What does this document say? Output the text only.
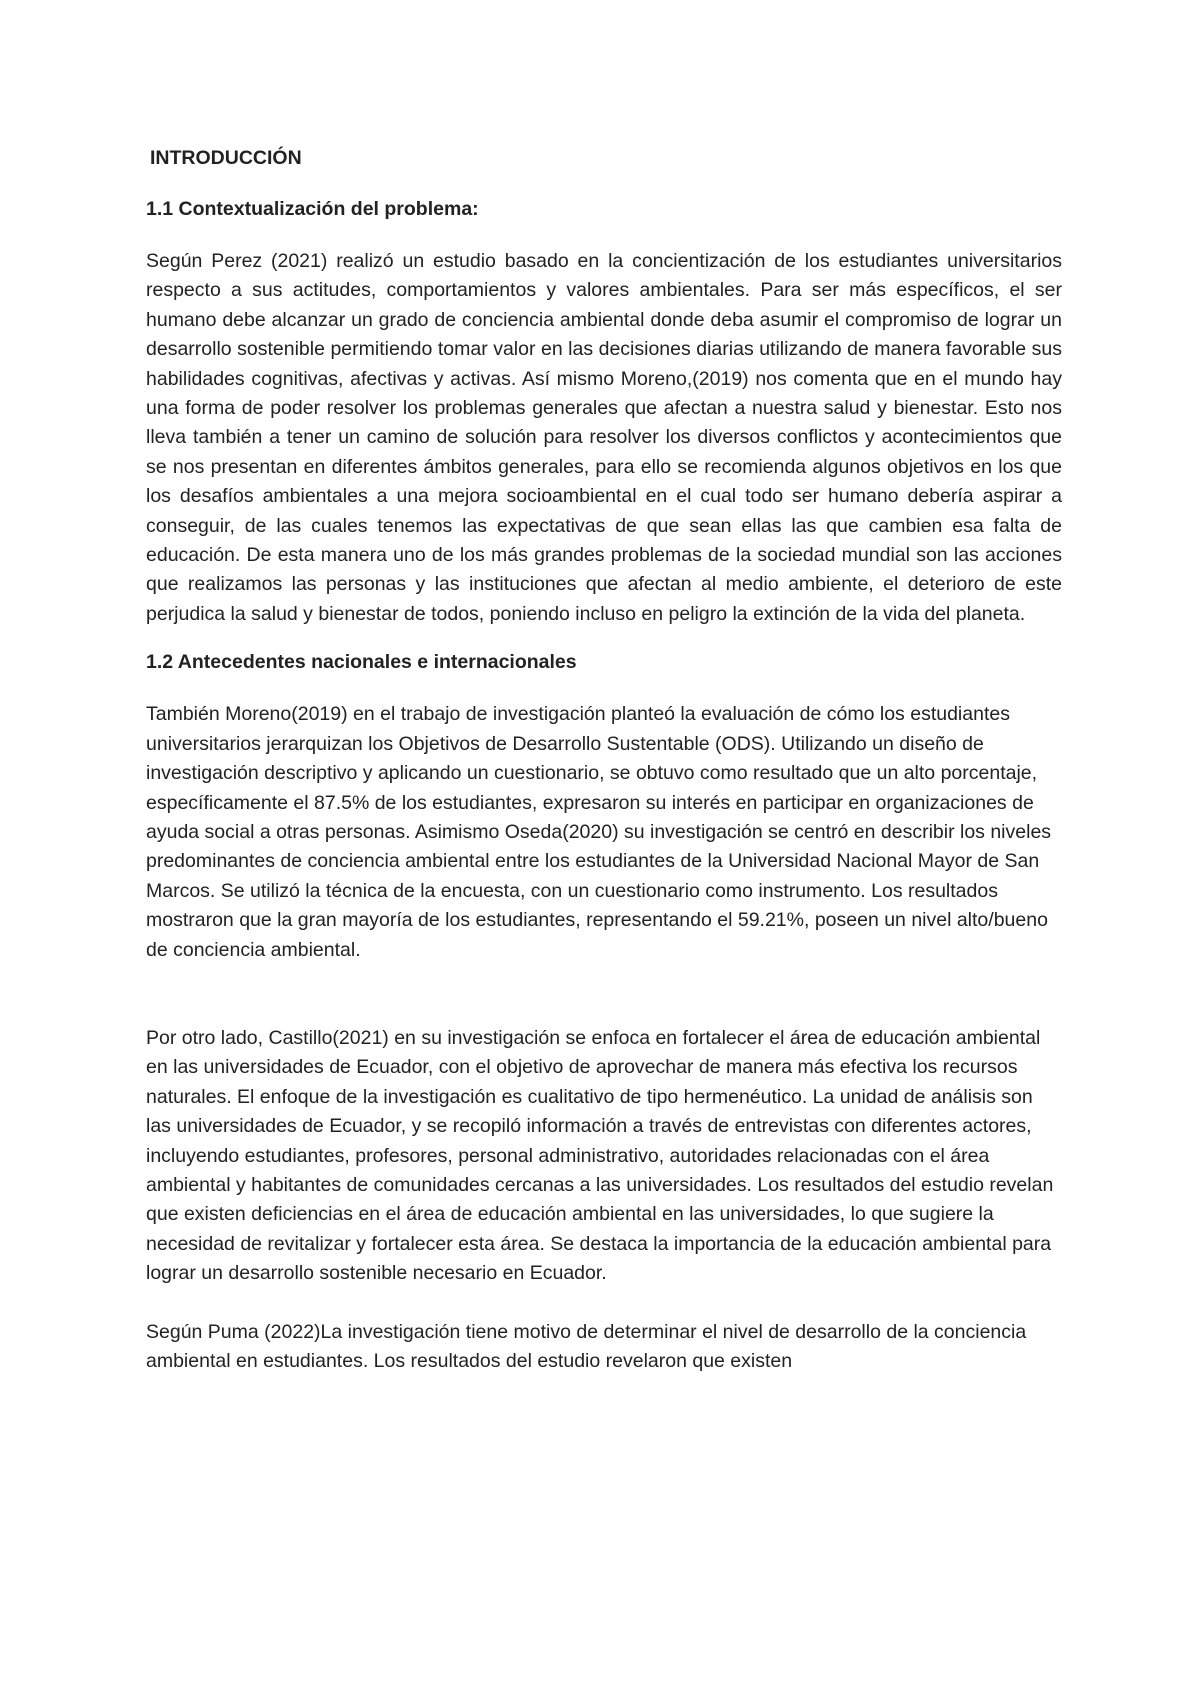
INTRODUCCIÓN
1.1 Contextualización del problema:

Según Perez (2021) realizó un estudio basado en la concientización de los estudiantes universitarios respecto a sus actitudes, comportamientos y valores ambientales. Para ser más específicos, el ser humano debe alcanzar un grado de conciencia ambiental donde deba asumir el compromiso de lograr un desarrollo sostenible permitiendo tomar valor en las decisiones diarias utilizando de manera favorable sus habilidades cognitivas, afectivas y activas. Así mismo Moreno,(2019) nos comenta que en el mundo hay una forma de poder resolver los problemas generales que afectan a nuestra salud y bienestar. Esto nos lleva también a tener un camino de solución para resolver los diversos conflictos y acontecimientos que se nos presentan en diferentes ámbitos generales, para ello se recomienda algunos objetivos en los que los desafíos ambientales a una mejora socioambiental en el cual todo ser humano debería aspirar a conseguir, de las cuales tenemos las expectativas de que sean ellas las que cambien esa falta de educación. De esta manera uno de los más grandes problemas de la sociedad mundial son las acciones que realizamos las personas y las instituciones que afectan al medio ambiente, el deterioro de este perjudica la salud y bienestar de todos, poniendo incluso en peligro la extinción de la vida del planeta.

1.2 Antecedentes nacionales e internacionales

También Moreno(2019) en el trabajo de investigación planteó la evaluación de cómo los estudiantes universitarios jerarquizan los Objetivos de Desarrollo Sustentable (ODS). Utilizando un diseño de investigación descriptivo y aplicando un cuestionario, se obtuvo como resultado que un alto porcentaje, específicamente el 87.5% de los estudiantes, expresaron su interés en participar en organizaciones de ayuda social a otras personas. Asimismo Oseda(2020) su investigación se centró en describir los niveles predominantes de conciencia ambiental entre los estudiantes de la Universidad Nacional Mayor de San Marcos. Se utilizó la técnica de la encuesta, con un cuestionario como instrumento. Los resultados mostraron que la gran mayoría de los estudiantes, representando el 59.21%, poseen un nivel alto/bueno de conciencia ambiental.

Por otro lado, Castillo(2021) en su investigación se enfoca en fortalecer el área de educación ambiental en las universidades de Ecuador, con el objetivo de aprovechar de manera más efectiva los recursos naturales. El enfoque de la investigación es cualitativo de tipo hermenéutico. La unidad de análisis son las universidades de Ecuador, y se recopiló información a través de entrevistas con diferentes actores, incluyendo estudiantes, profesores, personal administrativo, autoridades relacionadas con el área ambiental y habitantes de comunidades cercanas a las universidades. Los resultados del estudio revelan que existen deficiencias en el área de educación ambiental en las universidades, lo que sugiere la necesidad de revitalizar y fortalecer esta área. Se destaca la importancia de la educación ambiental para lograr un desarrollo sostenible necesario en Ecuador.

Según Puma (2022)La investigación tiene motivo de determinar el nivel de desarrollo de la conciencia ambiental en estudiantes. Los resultados del estudio revelaron que existen
